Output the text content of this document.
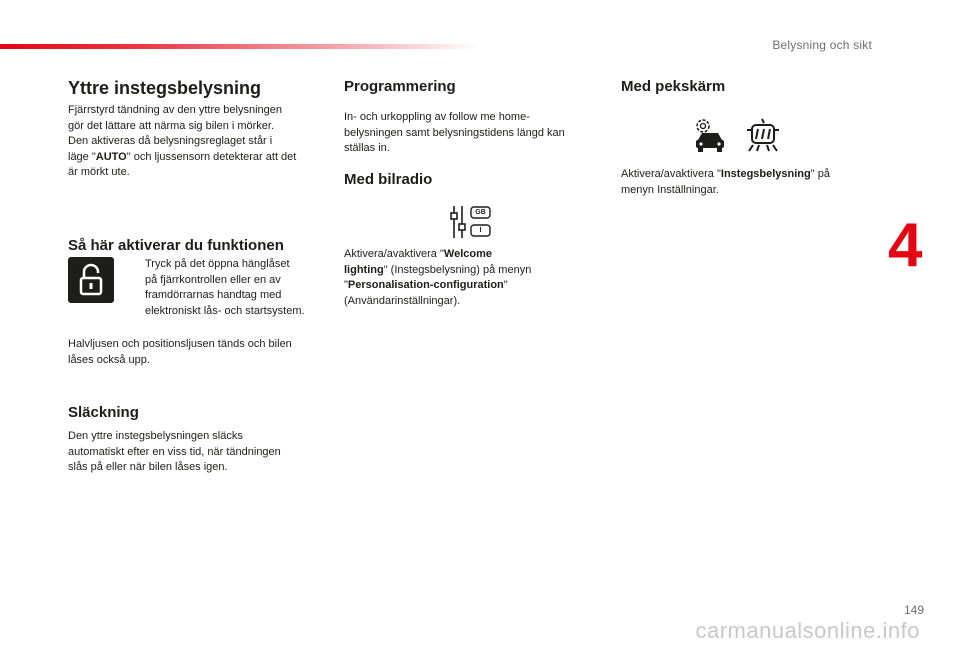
Belysning och sikt
4
Yttre instegsbelysning

Fjärrstyrd tändning av den yttre belysningen

gör det lättare att närma sig bilen i mörker.

Den aktiveras då belysningsreglaget står i

läge "AUTO" och ljussensorn detekterar att det

är mörkt ute.

Så här aktiverar du funktionen

Tryck på det öppna hänglåset

på fjärrkontrollen eller en av

framdörrarnas handtag med

elektroniskt lås- och startsystem.

Halvljusen och positionsljusen tänds och bilen

låses också upp.

Släckning

Den yttre instegsbelysningen släcks

automatiskt efter en viss tid, när tändningen

slås på eller när bilen låses igen.

Programmering

In- och urkoppling av follow me home-

belysningen samt belysningstidens längd kan

ställas in.

Med bilradio
GB
I

Aktivera/avaktivera "Welcome

lighting" (Instegsbelysning) på menyn

"Personalisation-configuration"

(Användarinställningar).

Med pekskärm

Aktivera/avaktivera "Instegsbelysning" på

menyn Inställningar.

149
carmanualsonline.info
